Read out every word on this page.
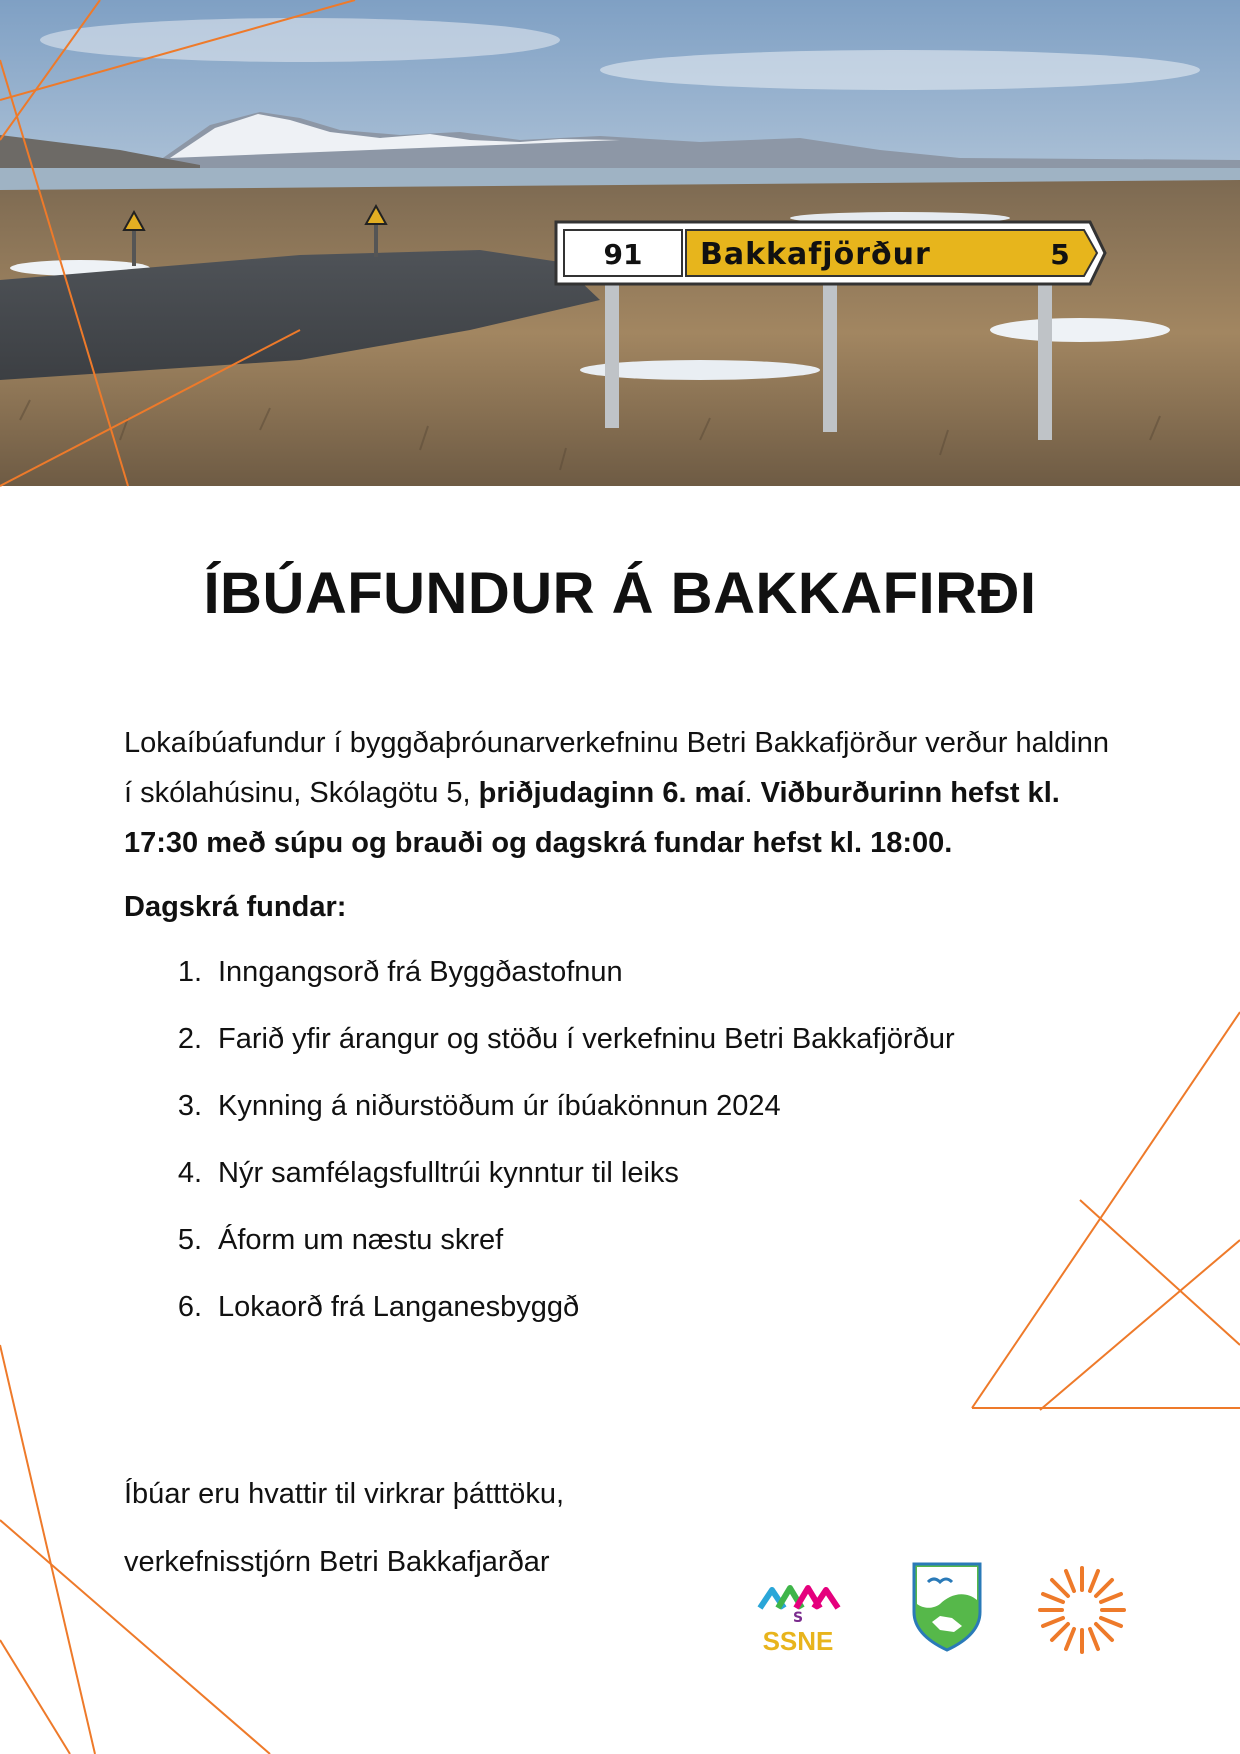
91 Bakkafjörður	5
ÍBÚAFUNDUR Á BAKKAFIRÐI

Lokaíbúafundur í byggðaþróunarverkefninu Betri Bakkafjörður verður haldinn í skólahúsinu, Skólagötu 5, þriðjudaginn 6. maí. Viðburðurinn hefst kl. 17:30 með súpu og brauði og dagskrá fundar hefst kl. 18:00.

Dagskrá fundar:

1. Inngangsorð frá Byggðastofnun
2. Farið yfir árangur og stöðu í verkefninu Betri Bakkafjörður
3. Kynning á niðurstöðum úr íbúakönnun 2024
4. Nýr samfélagsfulltrúi kynntur til leiks
5. Áform um næstu skref
6. Lokaorð frá Langanesbyggð

Íbúar eru hvattir til virkrar þátttöku,

verkefnisstjórn Betri Bakkafjarðar

S
SSNE
